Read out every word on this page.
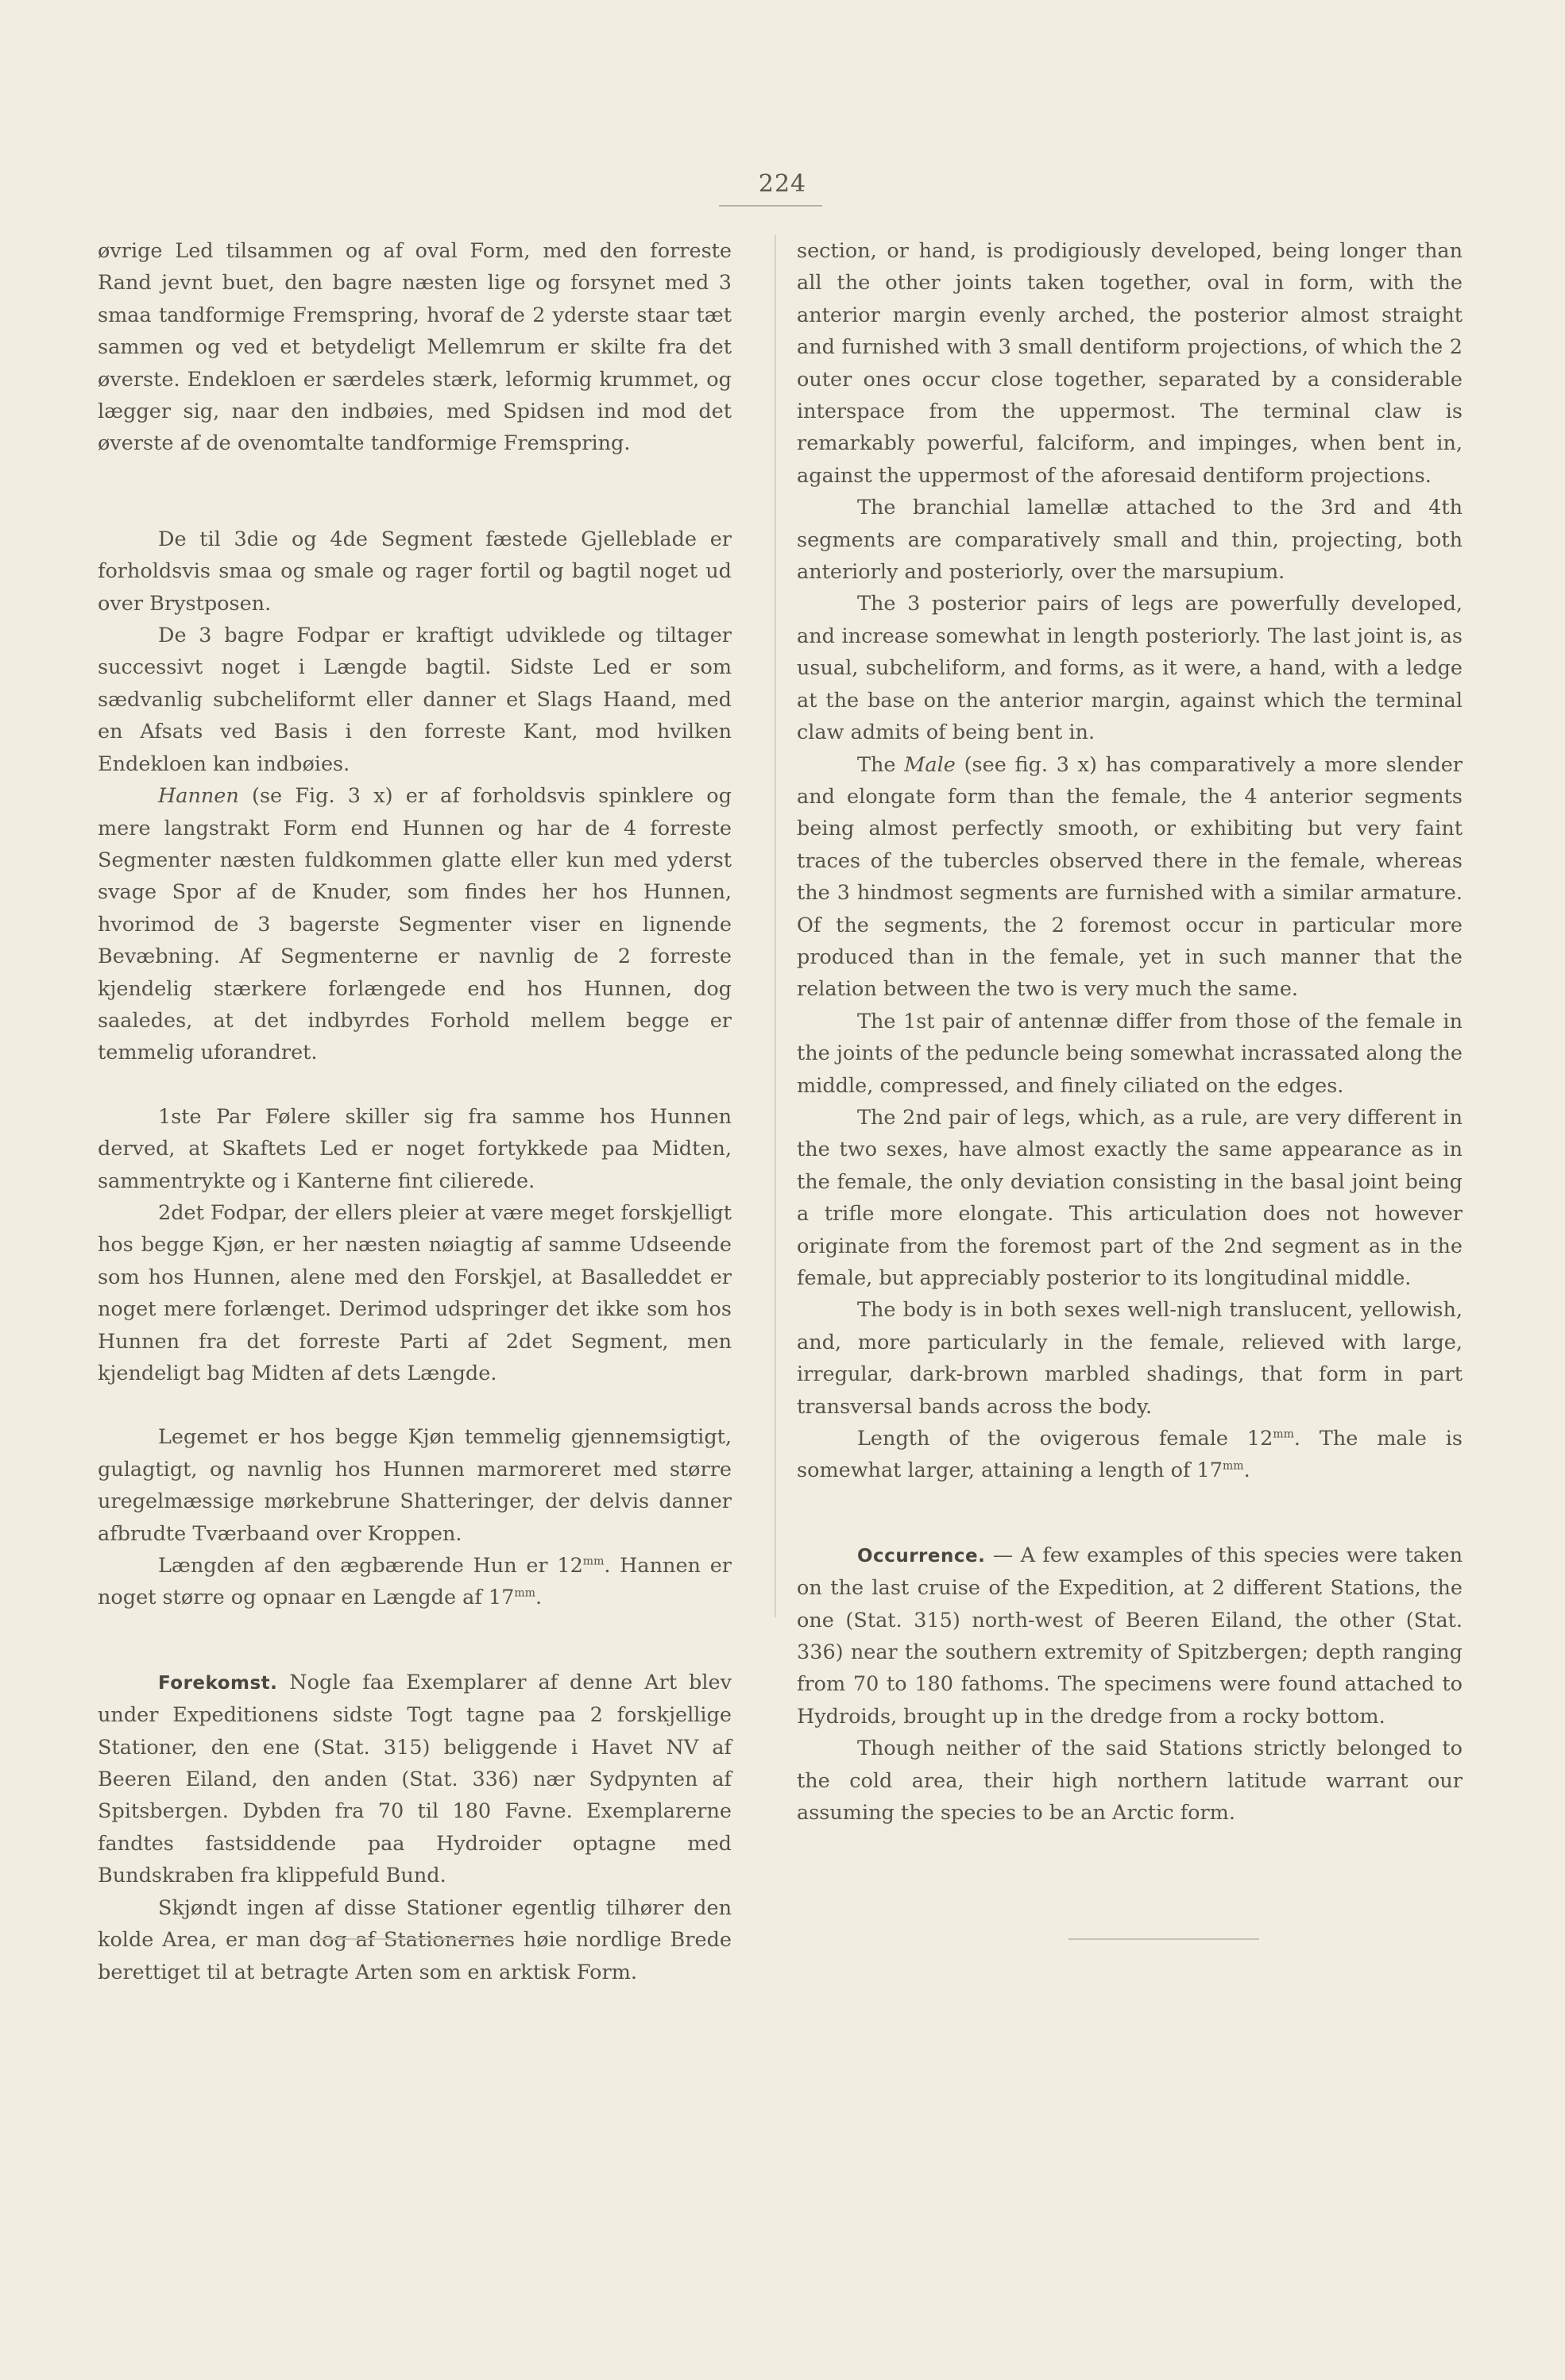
224

øvrige Led tilsammen og af oval Form, med den forreste Rand jevnt buet, den bagre næsten lige og forsynet med 3 smaa tandformige Fremspring, hvoraf de 2 yderste staar tæt sammen og ved et betydeligt Mellemrum er skilte fra det øverste. Endekloen er særdeles stærk, leformig krummet, og lægger sig, naar den indbøies, med Spidsen ind mod det øverste af de ovenomtalte tandformige Fremspring.

De til 3die og 4de Segment fæstede Gjelleblade er forholdsvis smaa og smale og rager fortil og bagtil noget ud over Brystposen.

De 3 bagre Fodpar er kraftigt udviklede og tiltager successivt noget i Længde bagtil. Sidste Led er som sædvanlig subcheliformt eller danner et Slags Haand, med en Afsats ved Basis i den forreste Kant, mod hvilken Endekloen kan indbøies.

Hannen (se Fig. 3 x) er af forholdsvis spinklere og mere langstrakt Form end Hunnen og har de 4 forreste Segmenter næsten fuldkommen glatte eller kun med yderst svage Spor af de Knuder, som findes her hos Hunnen, hvorimod de 3 bagerste Segmenter viser en lignende Bevæbning. Af Segmenterne er navnlig de 2 forreste kjendelig stærkere forlængede end hos Hunnen, dog saaledes, at det indbyrdes Forhold mellem begge er temmelig uforandret.

1ste Par Følere skiller sig fra samme hos Hunnen derved, at Skaftets Led er noget fortykkede paa Midten, sammentrykte og i Kanterne fint cilierede.

2det Fodpar, der ellers pleier at være meget forskjelligt hos begge Kjøn, er her næsten nøiagtig af samme Udseende som hos Hunnen, alene med den Forskjel, at Basalleddet er noget mere forlænget. Derimod udspringer det ikke som hos Hunnen fra det forreste Parti af 2det Segment, men kjendeligt bag Midten af dets Længde.

Legemet er hos begge Kjøn temmelig gjennemsigtigt, gulagtigt, og navnlig hos Hunnen marmoreret med større uregelmæssige mørkebrune Shatteringer, der delvis danner afbrudte Tværbaand over Kroppen.

Længden af den ægbærende Hun er $12^{mm}$. Hannen er noget større og opnaar en Længde af $17^{mm}$.

Forekomst. Nogle faa Exemplarer af denne Art blev under Expeditionens sidste Togt tagne paa 2 forskjellige Stationer, den ene (Stat. 315) beliggende i Havet NV af Beeren Eiland, den anden (Stat. 336) nær Sydpynten af Spitsbergen. Dybden fra 70 til 180 Favne. Exemplarerne fandtes fastsiddende paa Hydroider optagne med Bundskraben fra klippefuld Bund.

Skjøndt ingen af disse Stationer egentlig tilhører den kolde Area, er man dog af Stationernes høie nordlige Brede berettiget til at betragte Arten som en arktisk Form.

section, or hand, is prodigiously developed, being longer than all the other joints taken together, oval in form, with the anterior margin evenly arched, the posterior almost straight and furnished with 3 small dentiform projections, of which the 2 outer ones occur close together, separated by a considerable interspace from the uppermost. The terminal claw is remarkably powerful, falciform, and impinges, when bent in, against the uppermost of the aforesaid dentiform projections.

The branchial lamellæ attached to the 3rd and 4th segments are comparatively small and thin, projecting, both anteriorly and posteriorly, over the marsupium.

The 3 posterior pairs of legs are powerfully developed, and increase somewhat in length posteriorly. The last joint is, as usual, subcheliform, and forms, as it were, a hand, with a ledge at the base on the anterior margin, against which the terminal claw admits of being bent in.

The Male (see fig. 3 x) has comparatively a more slender and elongate form than the female, the 4 anterior segments being almost perfectly smooth, or exhibiting but very faint traces of the tubercles observed there in the female, whereas the 3 hindmost segments are furnished with a similar armature. Of the segments, the 2 foremost occur in particular more produced than in the female, yet in such manner that the relation between the two is very much the same.

The 1st pair of antennæ differ from those of the female in the joints of the peduncle being somewhat incrassated along the middle, compressed, and finely ciliated on the edges.

The 2nd pair of legs, which, as a rule, are very different in the two sexes, have almost exactly the same appearance as in the female, the only deviation consisting in the basal joint being a trifle more elongate. This articulation does not however originate from the foremost part of the 2nd segment as in the female, but appreciably posterior to its longitudinal middle.

The body is in both sexes well-nigh translucent, yellowish, and, more particularly in the female, relieved with large, irregular, dark-brown marbled shadings, that form in part transversal bands across the body.

Length of the ovigerous female $12^{mm}$. The male is somewhat larger, attaining a length of $17^{mm}$.

Occurrence. — A few examples of this species were taken on the last cruise of the Expedition, at 2 different Stations, the one (Stat. 315) north-west of Beeren Eiland, the other (Stat. 336) near the southern extremity of Spitzbergen; depth ranging from 70 to 180 fathoms. The specimens were found attached to Hydroids, brought up in the dredge from a rocky bottom.

Though neither of the said Stations strictly belonged to the cold area, their high northern latitude warrant our assuming the species to be an Arctic form.
